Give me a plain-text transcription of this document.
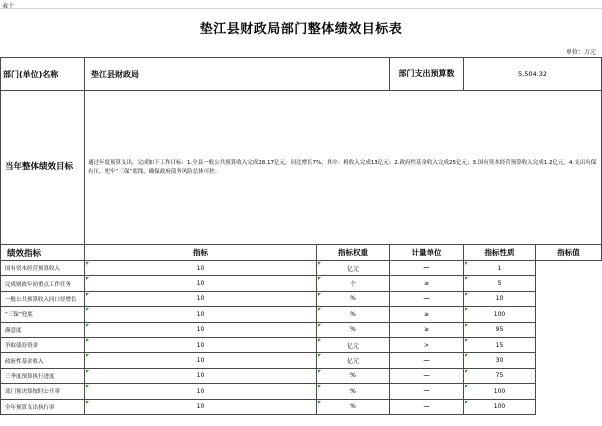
表十
垫江县财政局部门整体绩效目标表
单位：万元
部门(单位)名称	垫江县财政局		部门支出预算数	5,504.32	
当年整体绩效目标	通过年度预算支出，完成如下工作目标：1.全县一般公共预算收入完成28.17亿元，同比增长7%，其中：税收入完成13亿元；2.政府性基金收入完成25亿元；3.国有资本经营预算收入完成1.2亿元。4.支出有保有压，兜牢“三保”底线，确保政府债务风险总体可控。				
绩效指标	指标	指标权重	计量单位	指标性质	指标值
国有资本经营预算收入	10	亿元	－	1	
完成财政年初重点工作任务	10	个	≥	5	
一般公共预算收入同口径增长	10	%	－	10	
“三保”兜底	10	%	≥	100	
满意度	10	%	≥	95	
争取债券资金	10	亿元	>	15	
政府性基金收入	10	亿元	－	30	
三季度预算执行进度	10	%	－	75	
部门预决算按时公开率	10	%	－	100	
全年预算支出执行率	10	%	－	100	
